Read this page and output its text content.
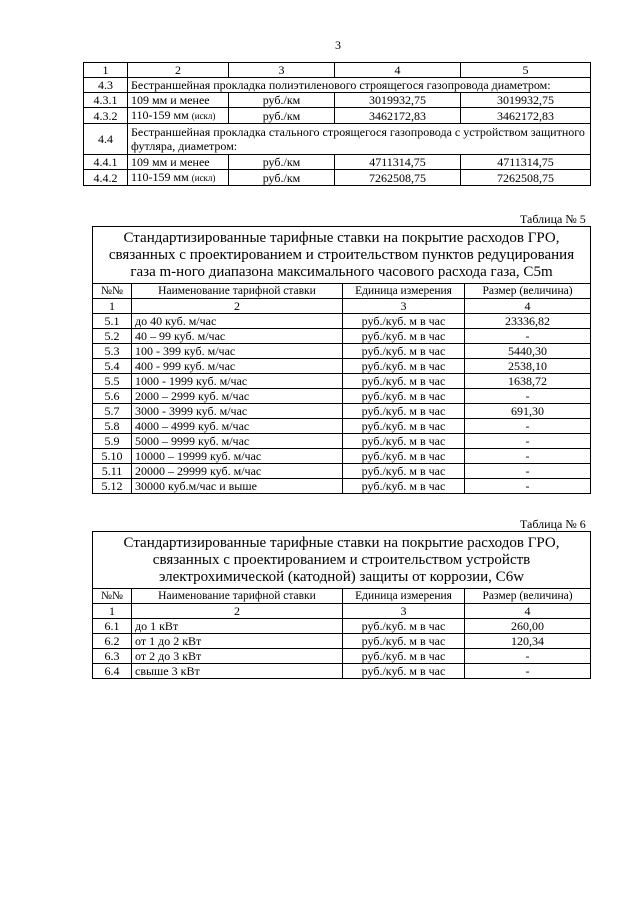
3
1	2	3	4	5
4.3	Бестраншейная прокладка полиэтиленового строящегося газопровода диаметром:			
4.3.1	109 мм и менее	руб./км	3019932,75	3019932,75
4.3.2	110-159 мм (искл)	руб./км	3462172,83	3462172,83
4.4	Бестраншейная прокладка стального строящегося газопровода с устройством защитного футляра, диаметром:			
4.4.1	109 мм и менее	руб./км	4711314,75	4711314,75
4.4.2	110-159 мм (искл)	руб./км	7262508,75	7262508,75
Таблица № 5
Стандартизированные тарифные ставки на покрытие расходов ГРО, связанных с проектированием и строительством пунктов редуцирования газа m-ного диапазона максимального часового расхода газа, C5m			
№№	Наименование тарифной ставки	Единица измерения	Размер (величина)
1	2	3	4
5.1	до 40 куб. м/час	руб./куб. м в час	23336,82
5.2	40 – 99 куб. м/час	руб./куб. м в час	-
5.3	100 - 399 куб. м/час	руб./куб. м в час	5440,30
5.4	400 - 999 куб. м/час	руб./куб. м в час	2538,10
5.5	1000 - 1999 куб. м/час	руб./куб. м в час	1638,72
5.6	2000 – 2999 куб. м/час	руб./куб. м в час	-
5.7	3000 - 3999 куб. м/час	руб./куб. м в час	691,30
5.8	4000 – 4999 куб. м/час	руб./куб. м в час	-
5.9	5000 – 9999 куб. м/час	руб./куб. м в час	-
5.10	10000 – 19999 куб. м/час	руб./куб. м в час	-
5.11	20000 – 29999 куб. м/час	руб./куб. м в час	-
5.12	30000 куб.м/час и выше	руб./куб. м в час	-
Таблица № 6
Стандартизированные тарифные ставки на покрытие расходов ГРО, связанных с проектированием и строительством устройств электрохимической (катодной) защиты от коррозии, C6w			
№№	Наименование тарифной ставки	Единица измерения	Размер (величина)
1	2	3	4
6.1	до 1 кВт	руб./куб. м в час	260,00
6.2	от 1 до 2 кВт	руб./куб. м в час	120,34
6.3	от 2 до 3 кВт	руб./куб. м в час	-
6.4	свыше 3 кВт	руб./куб. м в час	-
